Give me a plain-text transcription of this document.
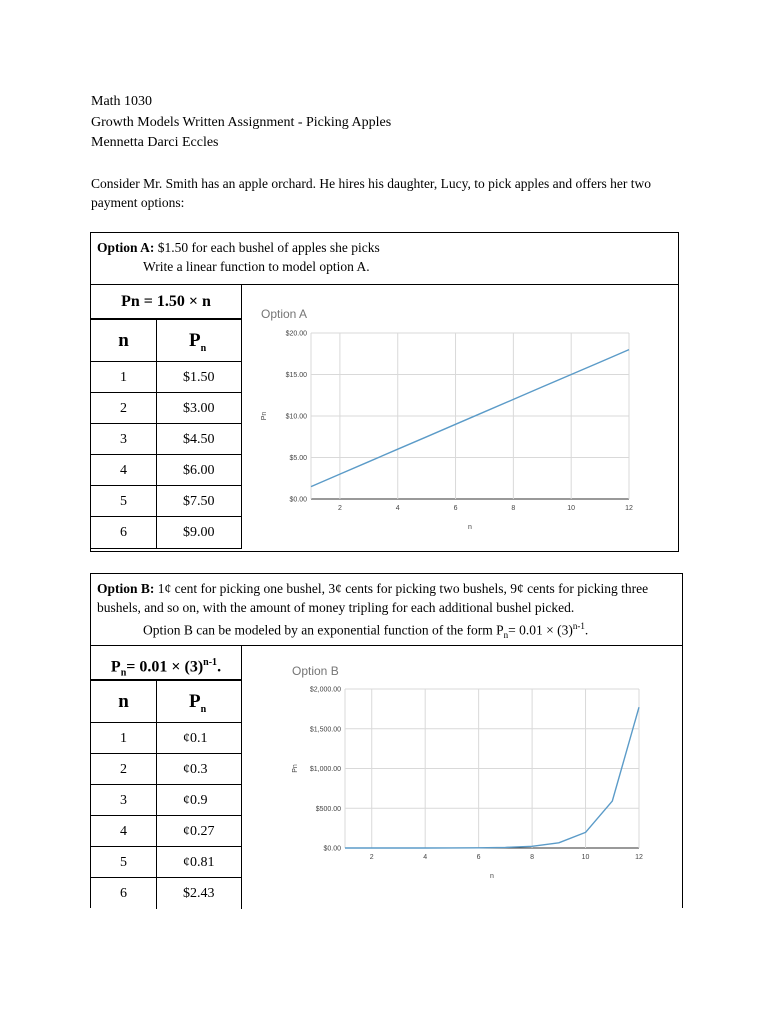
Math 1030
Growth Models Written Assignment - Picking Apples
Mennetta Darci Eccles
Consider Mr. Smith has an apple orchard. He hires his daughter, Lucy, to pick apples and offers her two payment options:
Option A: $1.50 for each bushel of apples she picks
Write a linear function to model option A.
Pn = 1.50 × n
n	$P_n$
1	$1.50
2	$3.00
3	$4.50
4	$6.00
5	$7.50
6	$9.00
Option A
$0.00
$5.00
$10.00
$15.00
$20.00
2	4	6	8	10	12
n
Pn
Option B: 1¢ cent for picking one bushel, 3¢ cents for picking two bushels, 9¢ cents for picking three bushels, and so on, with the amount of money tripling for each additional bushel picked.
Option B can be modeled by an exponential function of the form $P_n= 0.01 \times (3)^{n-1}$.
$P_n= 0.01 \times (3)^{n-1}$.
n	$P_n$
1	¢0.1
2	¢0.3
3	¢0.9
4	¢0.27
5	¢0.81
6	$2.43
Option B
$0.00
$500.00
$1,000.00
$1,500.00
$2,000.00
2	4	6	8	10	12
n
Pn
